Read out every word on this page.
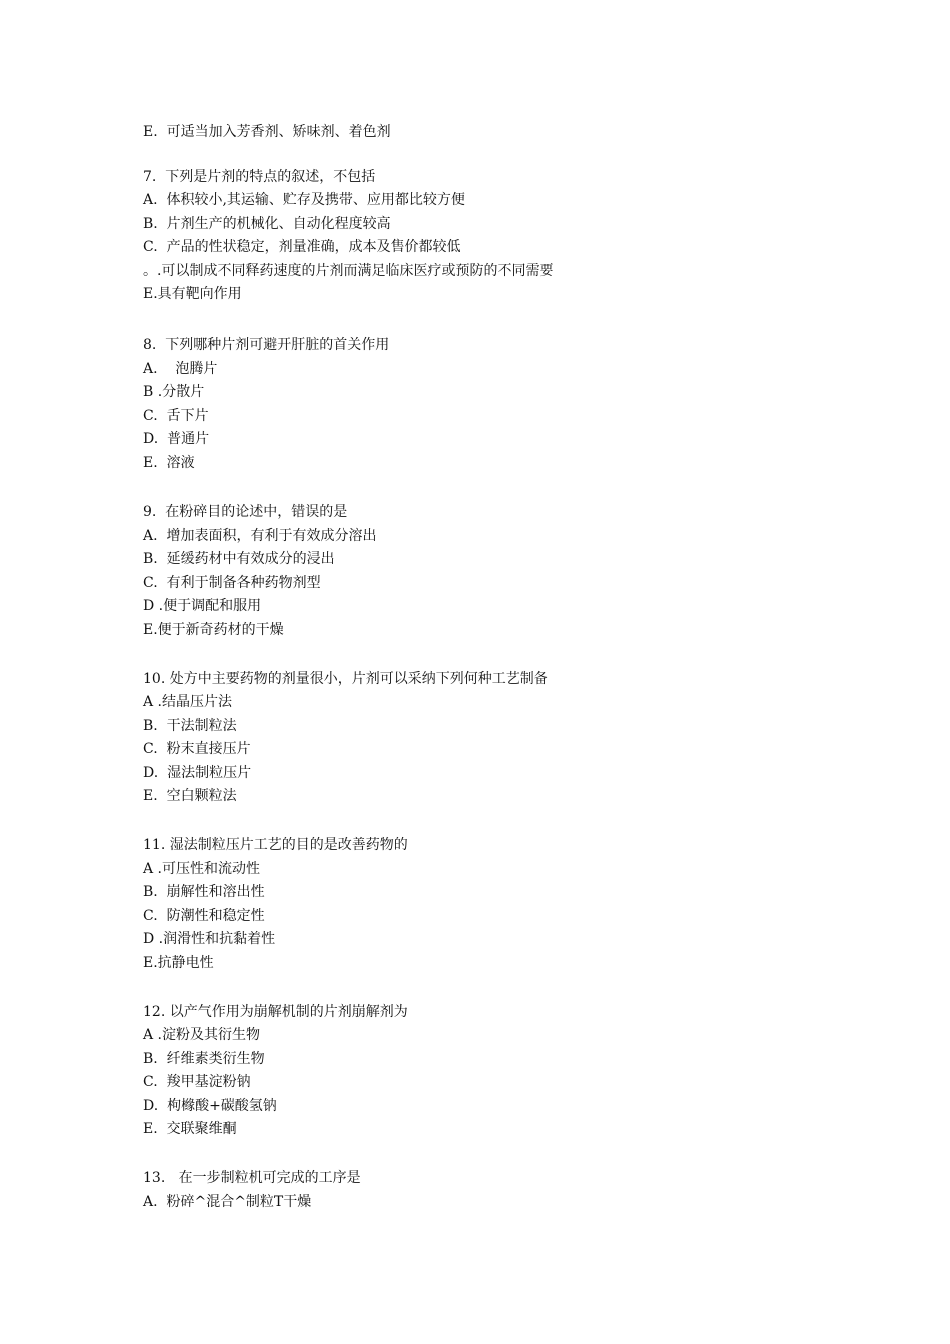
E.  可适当加入芳香剂、矫味剂、着色剂
7.  下列是片剂的特点的叙述，不包括
A.  体积较小,其运输、贮存及携带、应用都比较方便
B.  片剂生产的机械化、自动化程度较高
C.  产品的性状稳定，剂量准确，成本及售价都较低
。.可以制成不同释药速度的片剂而满足临床医疗或预防的不同需要
E.具有靶向作用
8.  下列哪种片剂可避开肝脏的首关作用
A.    泡腾片
B .分散片
C.  舌下片
D.  普通片
E.  溶液
9.  在粉碎目的论述中，错误的是
A.  增加表面积，有利于有效成分溶出
B.  延缓药材中有效成分的浸出
C.  有利于制备各种药物剂型
D .便于调配和服用
E.便于新奇药材的干燥
10. 处方中主要药物的剂量很小，片剂可以采纳下列何种工艺制备
A .结晶压片法
B.  干法制粒法
C.  粉末直接压片
D.  湿法制粒压片
E.  空白颗粒法
11. 湿法制粒压片工艺的目的是改善药物的
A .可压性和流动性
B.  崩解性和溶出性
C.  防潮性和稳定性
D .润滑性和抗黏着性
E.抗静电性
12. 以产气作用为崩解机制的片剂崩解剂为
A .淀粉及其衍生物
B.  纤维素类衍生物
C.  羧甲基淀粉钠
D.  枸橼酸+碳酸氢钠
E.  交联聚维酮
13.   在一步制粒机可完成的工序是
A.  粉碎^混合^制粒T干燥
